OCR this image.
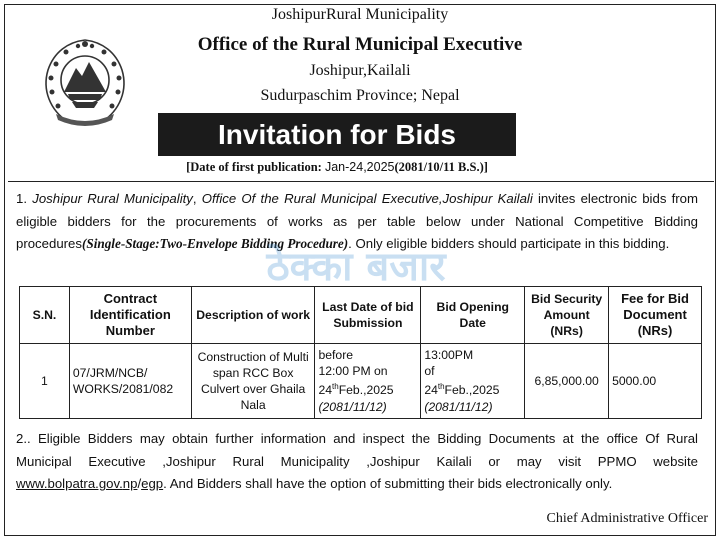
JoshipurRural Municipality
Office of the Rural Municipal Executive
Joshipur,Kailali
Sudurpaschim Province; Nepal
Invitation for Bids
[Date of first publication: Jan-24,2025(2081/10/11 B.S.)]
1. Joshipur Rural Municipality, Office Of the Rural Municipal Executive,Joshipur Kailali invites electronic bids from eligible bidders for the procurements of works as per table below under National Competitive Bidding procedures(Single-Stage:Two-Envelope Bidding Procedure). Only eligible bidders should participate in this bidding.
ठेक्का बजार
S.N.	Contract Identification Number	Description of work	Last Date of bid Submission	Bid Opening Date	Bid Security Amount (NRs)	Fee for Bid Document (NRs)
1	07/JRM/NCB/ WORKS/2081/082	Construction of Multi span RCC Box Culvert over Ghaila Nala	before
12:00 PM on
24thFeb.,2025
(2081/11/12)	13:00PM
of
24thFeb.,2025
(2081/11/12)	6,85,000.00	5000.00
2.. Eligible Bidders may obtain further information and inspect the Bidding Documents at the office Of Rural Municipal Executive ,Joshipur Rural Municipality ,Joshipur Kailali or may visit PPMO website www.bolpatra.gov.np/egp. And Bidders shall have the option of submitting their bids electronically only.
Chief Administrative Officer
